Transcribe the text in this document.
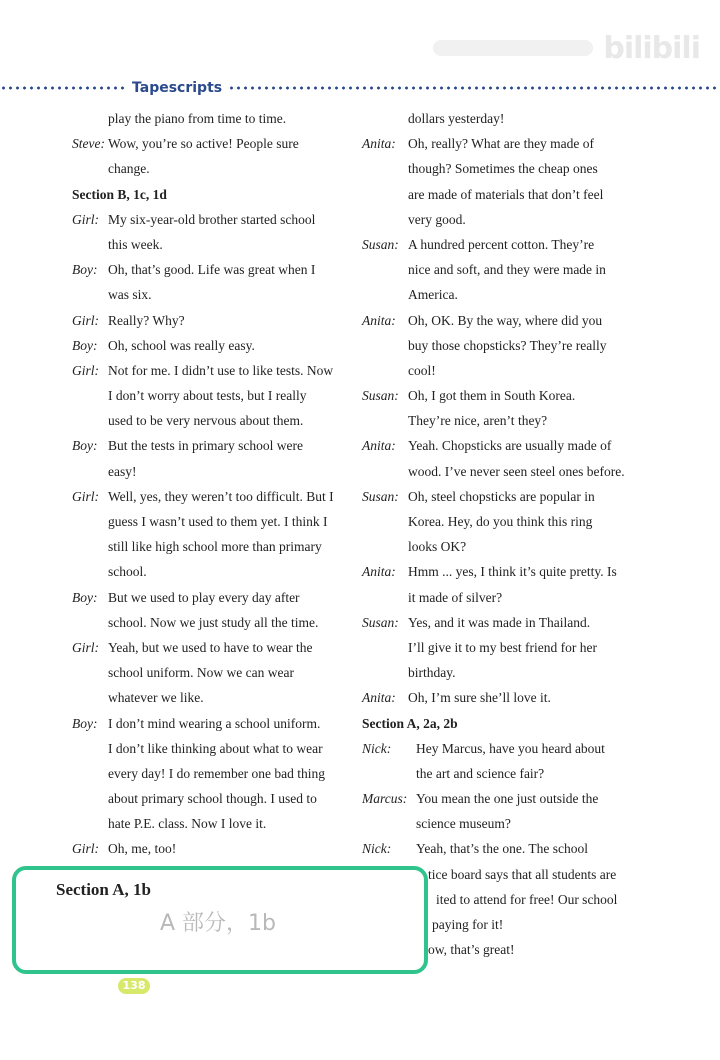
bilibili
Tapescripts
play the piano from time to time.
Steve: Wow, you’re so active! People sure
change.
Section B, 1c, 1d
Girl: My six-year-old brother started school
this week.
Boy: Oh, that’s good. Life was great when I
was six.
Girl: Really? Why?
Boy: Oh, school was really easy.
Girl: Not for me. I didn’t use to like tests. Now
I don’t worry about tests, but I really
used to be very nervous about them.
Boy: But the tests in primary school were
easy!
Girl: Well, yes, they weren’t too difficult. But I
guess I wasn’t used to them yet. I think I
still like high school more than primary
school.
Boy: But we used to play every day after
school. Now we just study all the time.
Girl: Yeah, but we used to have to wear the
school uniform. Now we can wear
whatever we like.
Boy: I don’t mind wearing a school uniform.
I don’t like thinking about what to wear
every day! I do remember one bad thing
about primary school though. I used to
hate P.E. class. Now I love it.
Girl: Oh, me, too!
dollars yesterday!
Anita: Oh, really? What are they made of
though? Sometimes the cheap ones
are made of materials that don’t feel
very good.
Susan: A hundred percent cotton. They’re
nice and soft, and they were made in
America.
Anita: Oh, OK. By the way, where did you
buy those chopsticks? They’re really
cool!
Susan: Oh, I got them in South Korea.
They’re nice, aren’t they?
Anita: Yeah. Chopsticks are usually made of
wood. I’ve never seen steel ones before.
Susan: Oh, steel chopsticks are popular in
Korea. Hey, do you think this ring
looks OK?
Anita: Hmm ... yes, I think it’s quite pretty. Is
it made of silver?
Susan: Yes, and it was made in Thailand.
I’ll give it to my best friend for her
birthday.
Anita: Oh, I’m sure she’ll love it.
Section A, 2a, 2b
Nick: Hey Marcus, have you heard about
the art and science fair?
Marcus: You mean the one just outside the
science museum?
Nick: Yeah, that’s the one. The school
tice board says that all students are
ited to attend for free! Our school
paying for it!
ow, that’s great!
Section A, 1b
A 部分，1b
138
